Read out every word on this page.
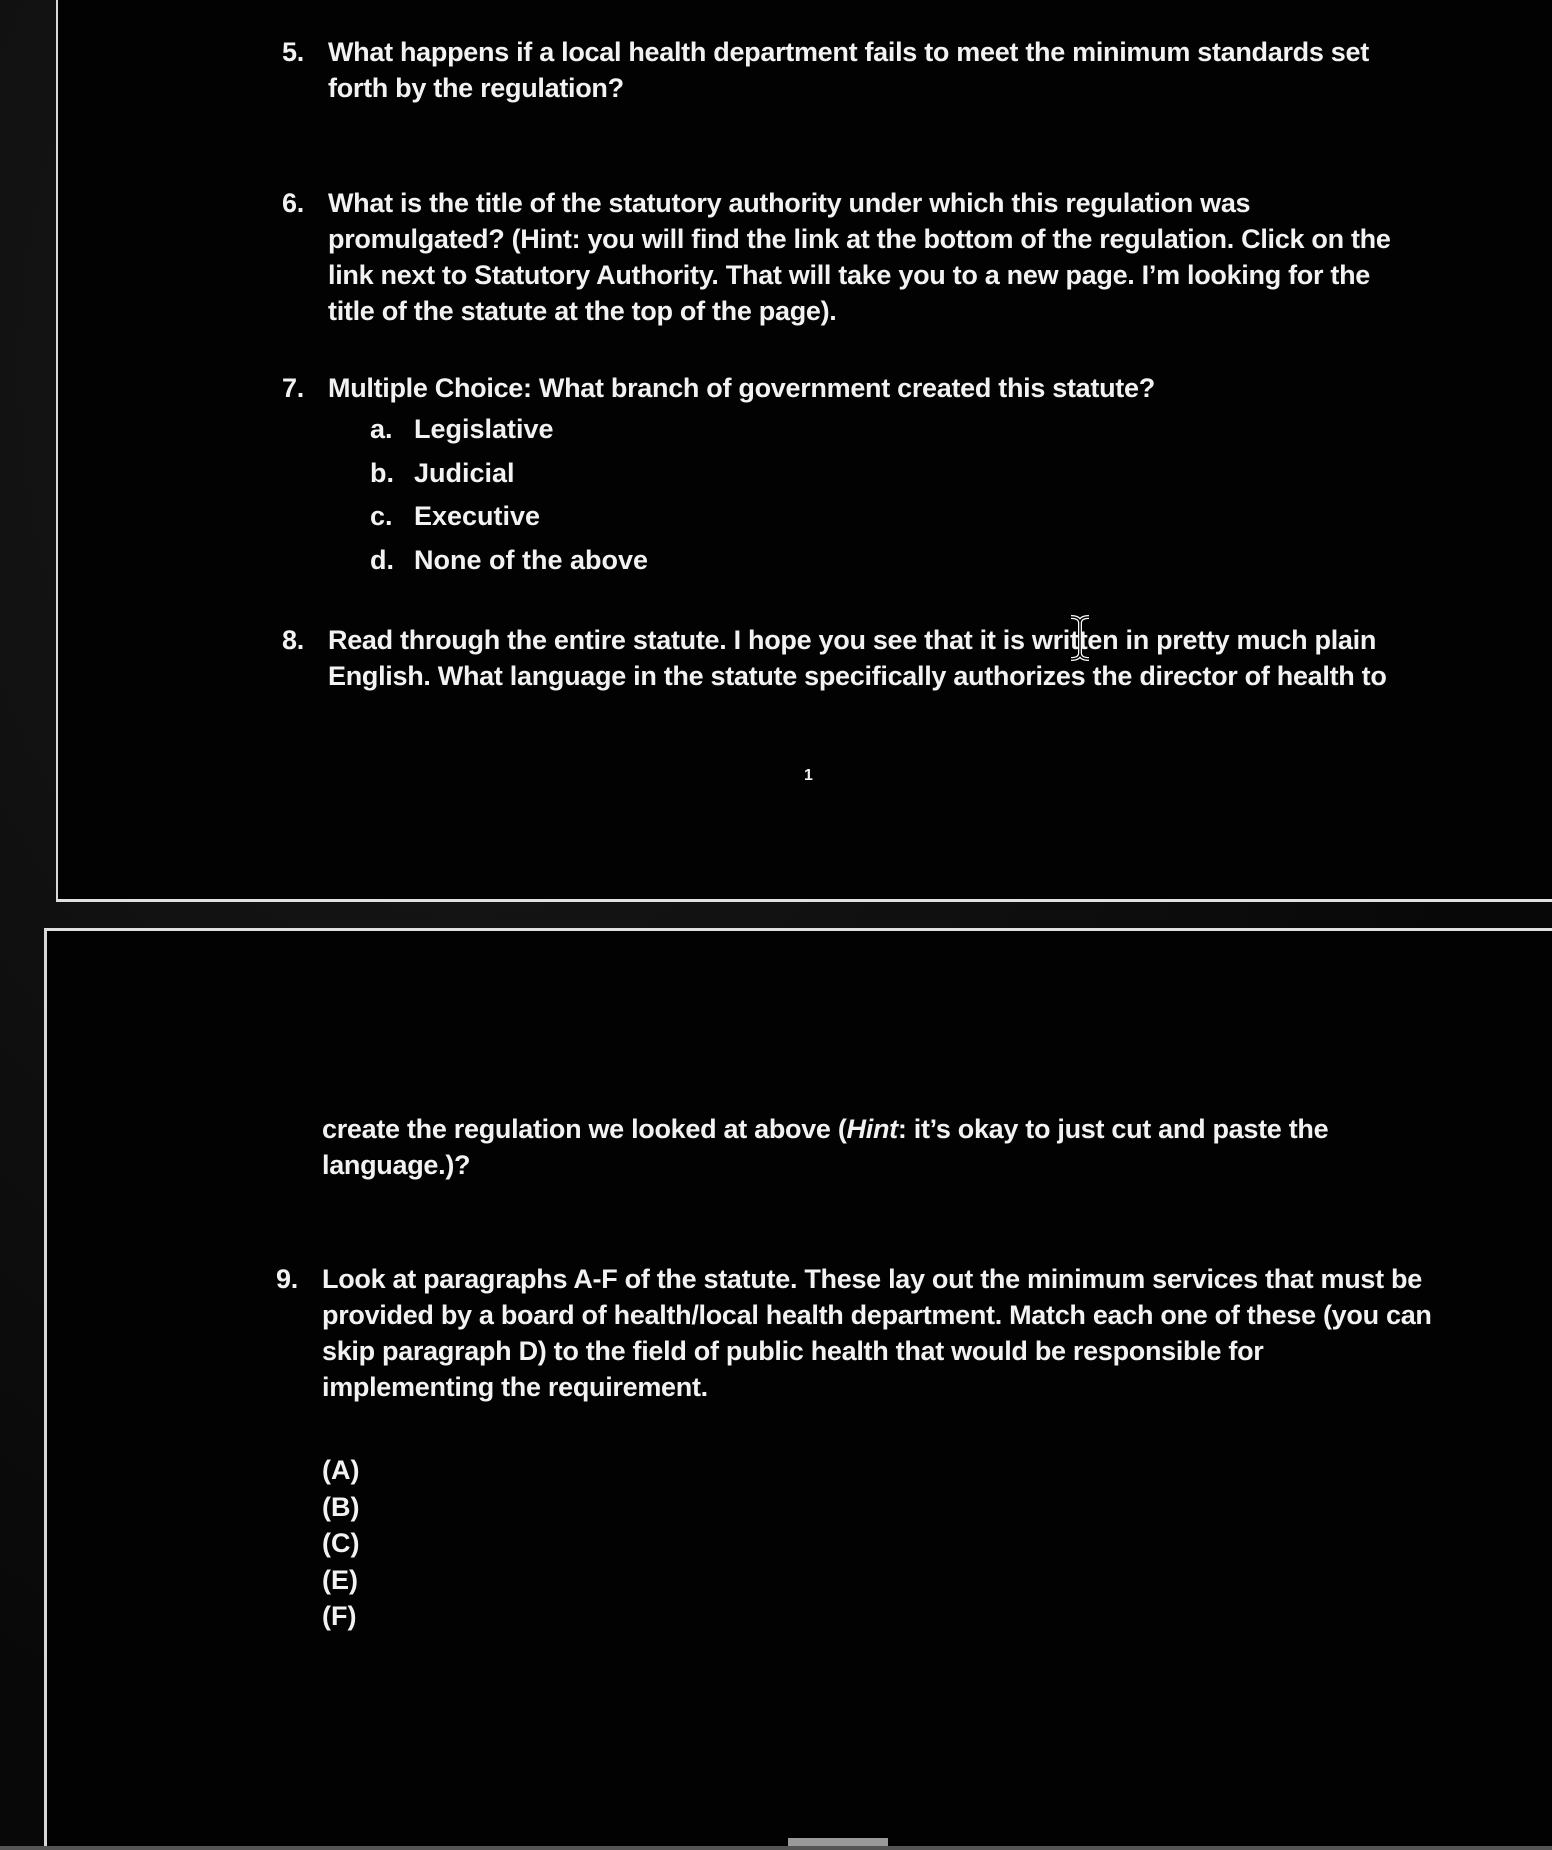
5. What happens if a local health department fails to meet the minimum standards set forth by the regulation?
6. What is the title of the statutory authority under which this regulation was promulgated? (Hint: you will find the link at the bottom of the regulation. Click on the link next to Statutory Authority. That will take you to a new page. I’m looking for the title of the statute at the top of the page).
7. Multiple Choice: What branch of government created this statute?
a. Legislative
b. Judicial
c. Executive
d. None of the above
8. Read through the entire statute. I hope you see that it is written in pretty much plain English. What language in the statute specifically authorizes the director of health to
1
create the regulation we looked at above (Hint: it’s okay to just cut and paste the language.)?
9. Look at paragraphs A-F of the statute. These lay out the minimum services that must be provided by a board of health/local health department. Match each one of these (you can skip paragraph D) to the field of public health that would be responsible for implementing the requirement.
(A)
(B)
(C)
(E)
(F)
